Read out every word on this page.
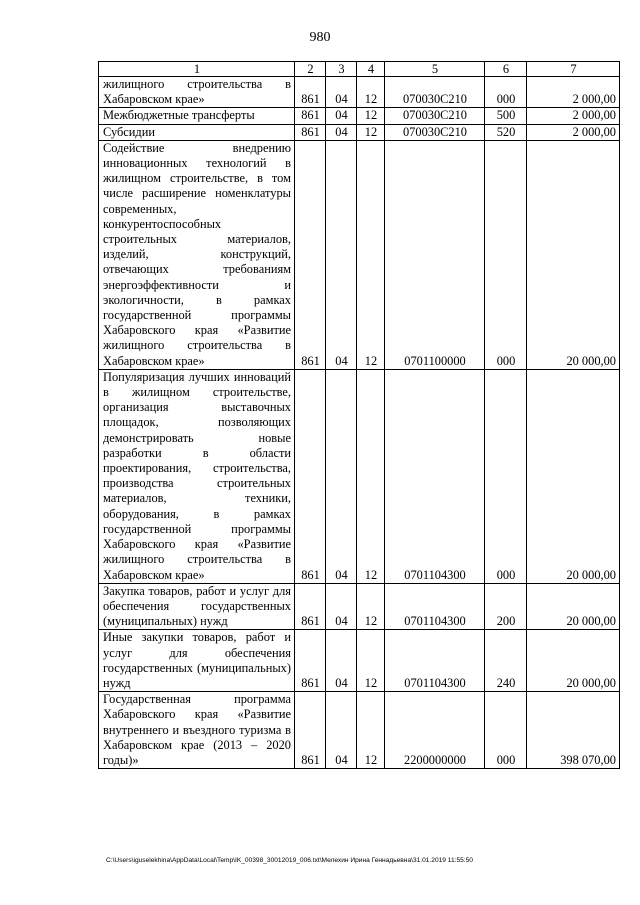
980
1	2	3	4	5	6	7
жилищного строительства в Хабаровском крае»	861	04	12	070030С210	000	2 000,00
Межбюджетные трансферты	861	04	12	070030С210	500	2 000,00
Субсидии	861	04	12	070030С210	520	2 000,00
Содействие внедрению инновационных технологий в жилищном строительстве, в том числе расширение номенклатуры современных, конкурентоспособных строительных материалов, изделий, конструкций, отвечающих требованиям энергоэффективности и экологичности, в рамках государственной программы Хабаровского края «Развитие жилищного строительства в Хабаровском крае»	861	04	12	0701100000	000	20 000,00
Популяризация лучших инноваций в жилищном строительстве, организация выставочных площадок, позволяющих демонстрировать новые разработки в области проектирования, строительства, производства строительных материалов, техники, оборудования, в рамках государственной программы Хабаровского края «Развитие жилищного строительства в Хабаровском крае»	861	04	12	0701104300	000	20 000,00
Закупка товаров, работ и услуг для обеспечения государственных (муниципальных) нужд	861	04	12	0701104300	200	20 000,00
Иные закупки товаров, работ и услуг для обеспечения государственных (муниципальных) нужд	861	04	12	0701104300	240	20 000,00
Государственная программа Хабаровского края «Развитие внутреннего и въездного туризма в Хабаровском крае (2013 – 2020 годы)»	861	04	12	2200000000	000	398 070,00
C:\Users\iguselekhina\AppData\Local\Temp\IK_00398_30012019_006.txt\Мелехин Ирина Геннадьевна\31.01.2019 11:55:50
